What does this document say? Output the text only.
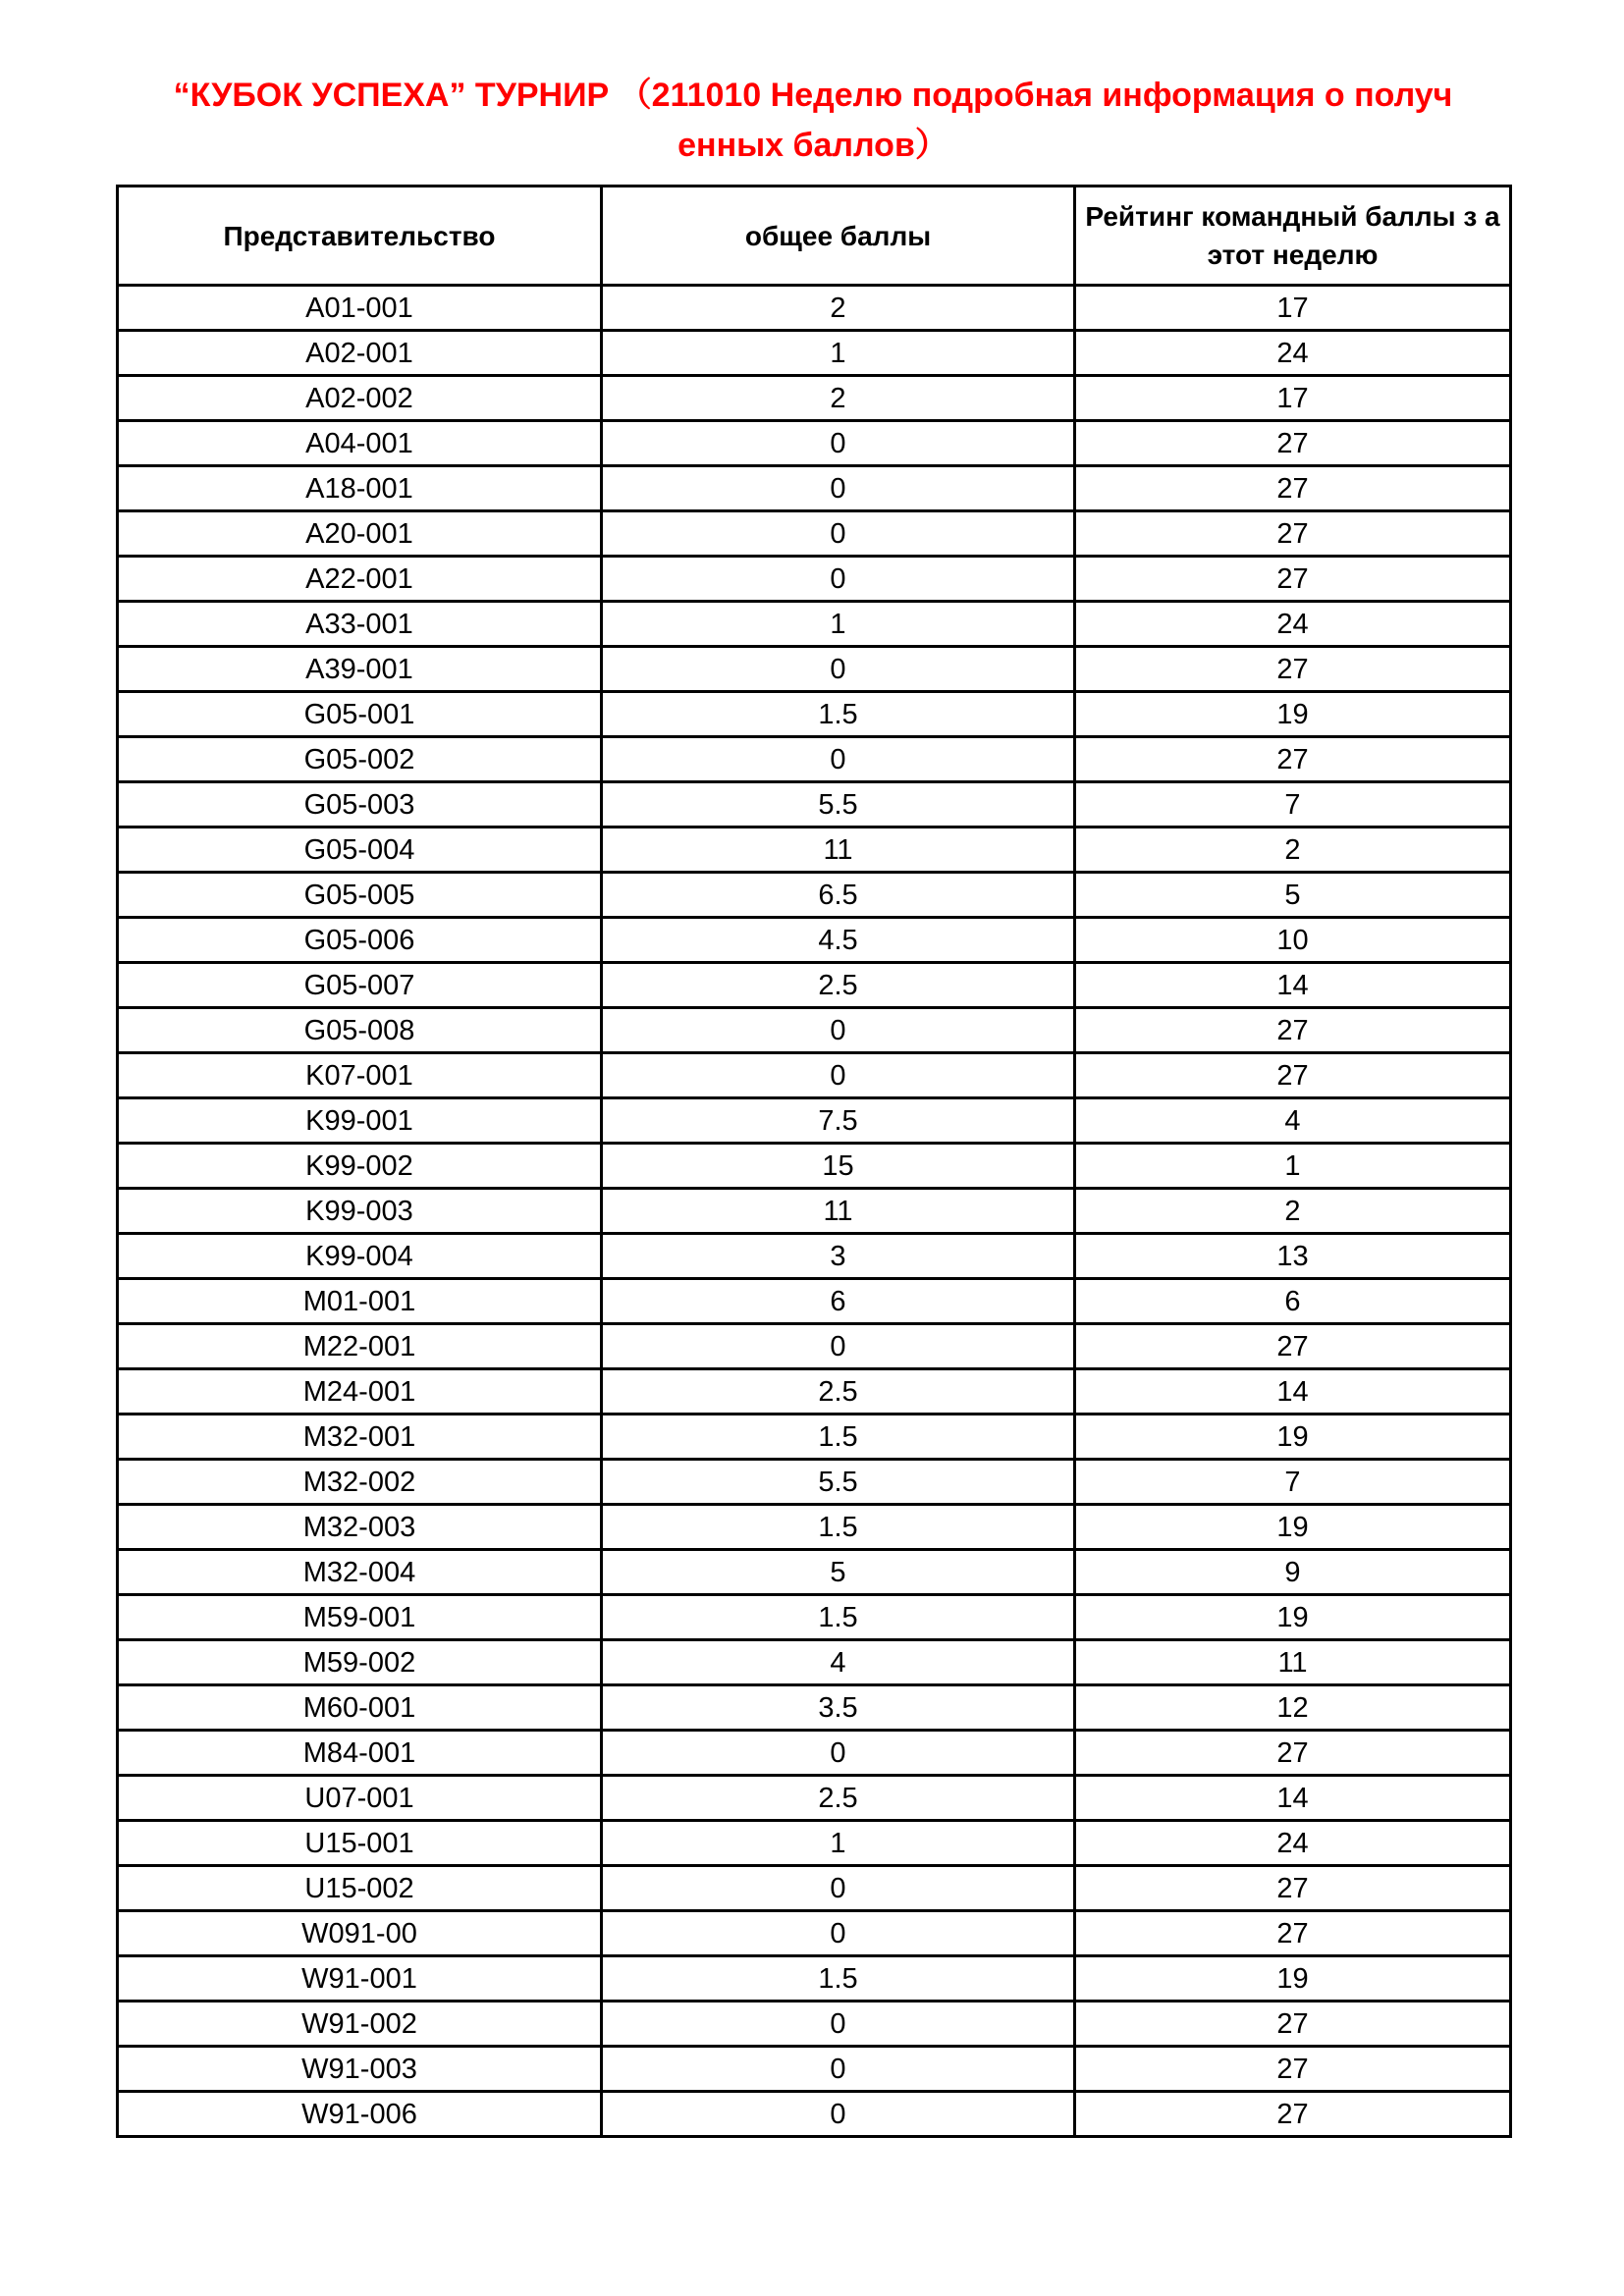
“КУБОК УСПЕХА” ТУРНИР （211010 Неделю подробная информация о получ енных баллов）
Представительство	общее баллы	Рейтинг командный баллы з а этот неделю
A01-001	2	17
A02-001	1	24
A02-002	2	17
A04-001	0	27
A18-001	0	27
A20-001	0	27
A22-001	0	27
A33-001	1	24
A39-001	0	27
G05-001	1.5	19
G05-002	0	27
G05-003	5.5	7
G05-004	11	2
G05-005	6.5	5
G05-006	4.5	10
G05-007	2.5	14
G05-008	0	27
K07-001	0	27
K99-001	7.5	4
K99-002	15	1
K99-003	11	2
K99-004	3	13
M01-001	6	6
M22-001	0	27
M24-001	2.5	14
M32-001	1.5	19
M32-002	5.5	7
M32-003	1.5	19
M32-004	5	9
M59-001	1.5	19
M59-002	4	11
M60-001	3.5	12
M84-001	0	27
U07-001	2.5	14
U15-001	1	24
U15-002	0	27
W091-00	0	27
W91-001	1.5	19
W91-002	0	27
W91-003	0	27
W91-006	0	27
